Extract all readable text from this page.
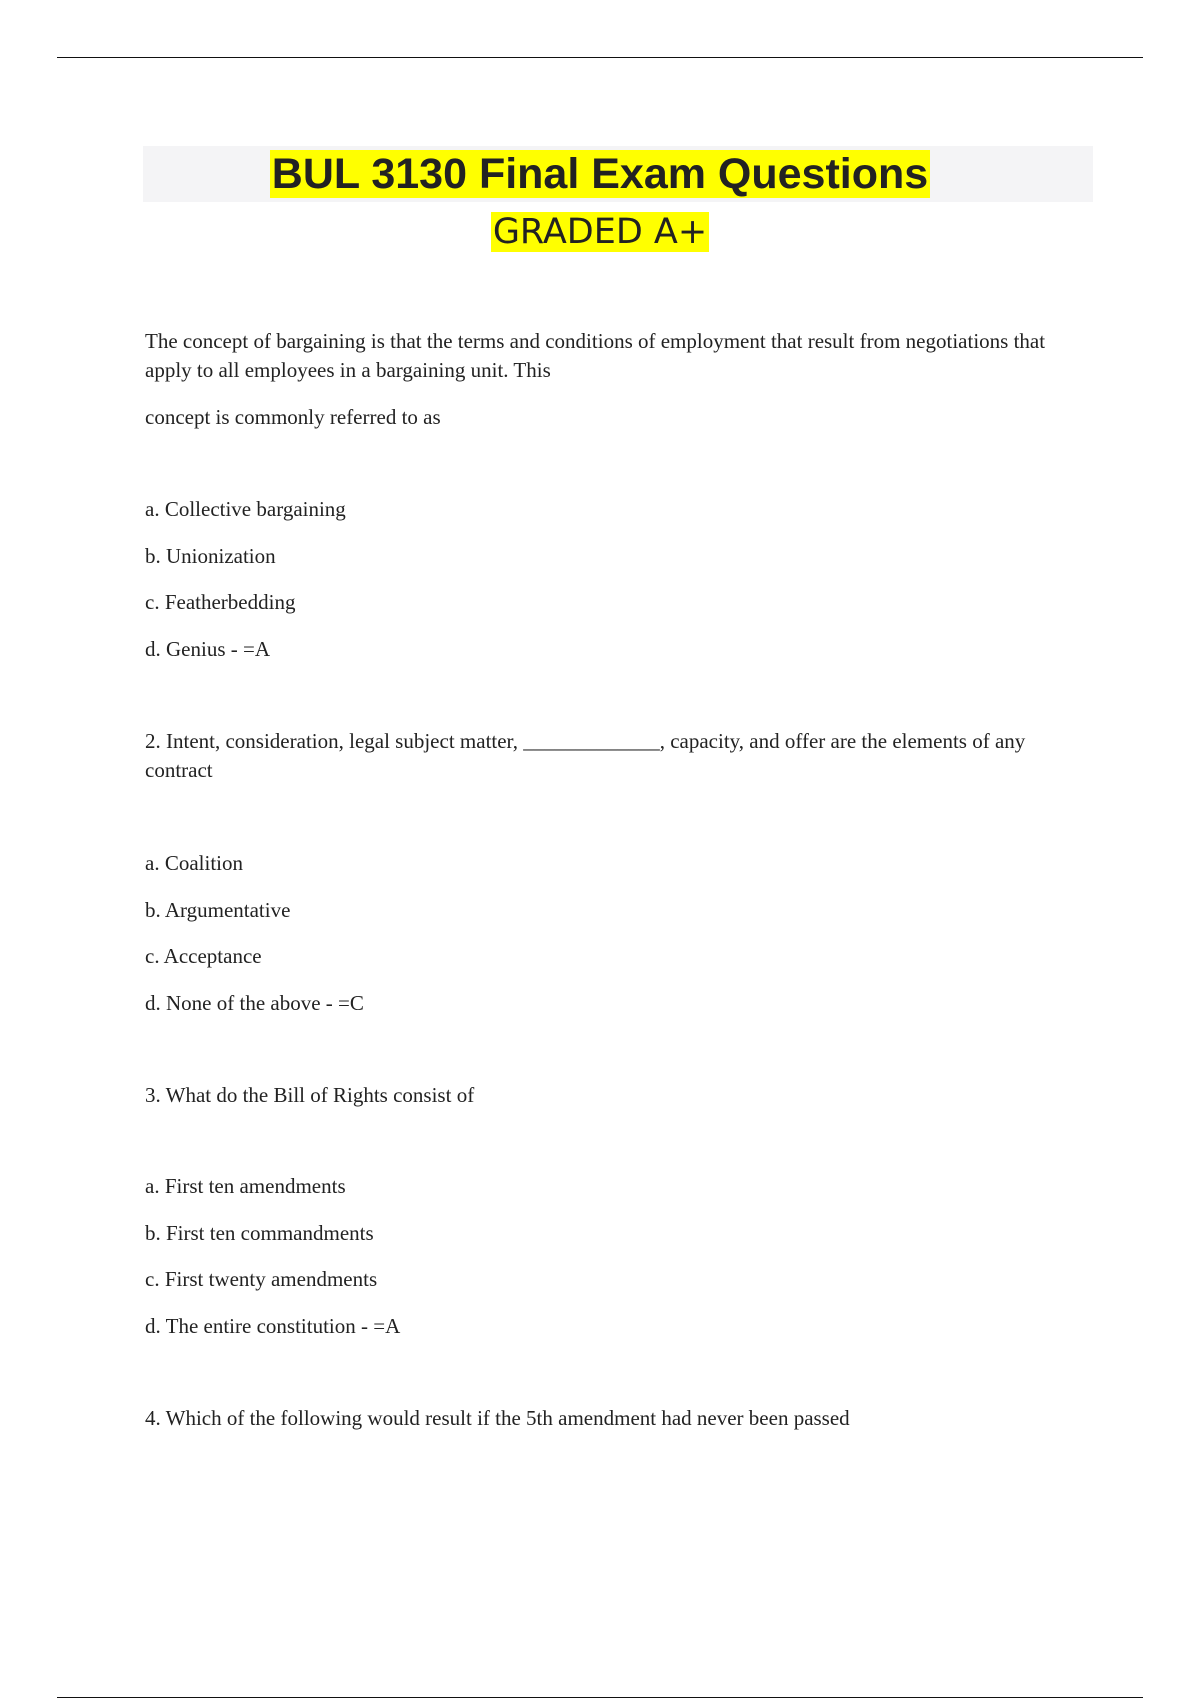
BUL 3130 Final Exam Questions
GRADED A+
The concept of bargaining is that the terms and conditions of employment that result from negotiations that apply to all employees in a bargaining unit. This
concept is commonly referred to as
a. Collective bargaining
b. Unionization
c. Featherbedding
d. Genius - =A
2. Intent, consideration, legal subject matter, _____________, capacity, and offer are the elements of any contract
a. Coalition
b. Argumentative
c. Acceptance
d. None of the above - =C
3. What do the Bill of Rights consist of
a. First ten amendments
b. First ten commandments
c. First twenty amendments
d. The entire constitution - =A
4. Which of the following would result if the 5th amendment had never been passed
